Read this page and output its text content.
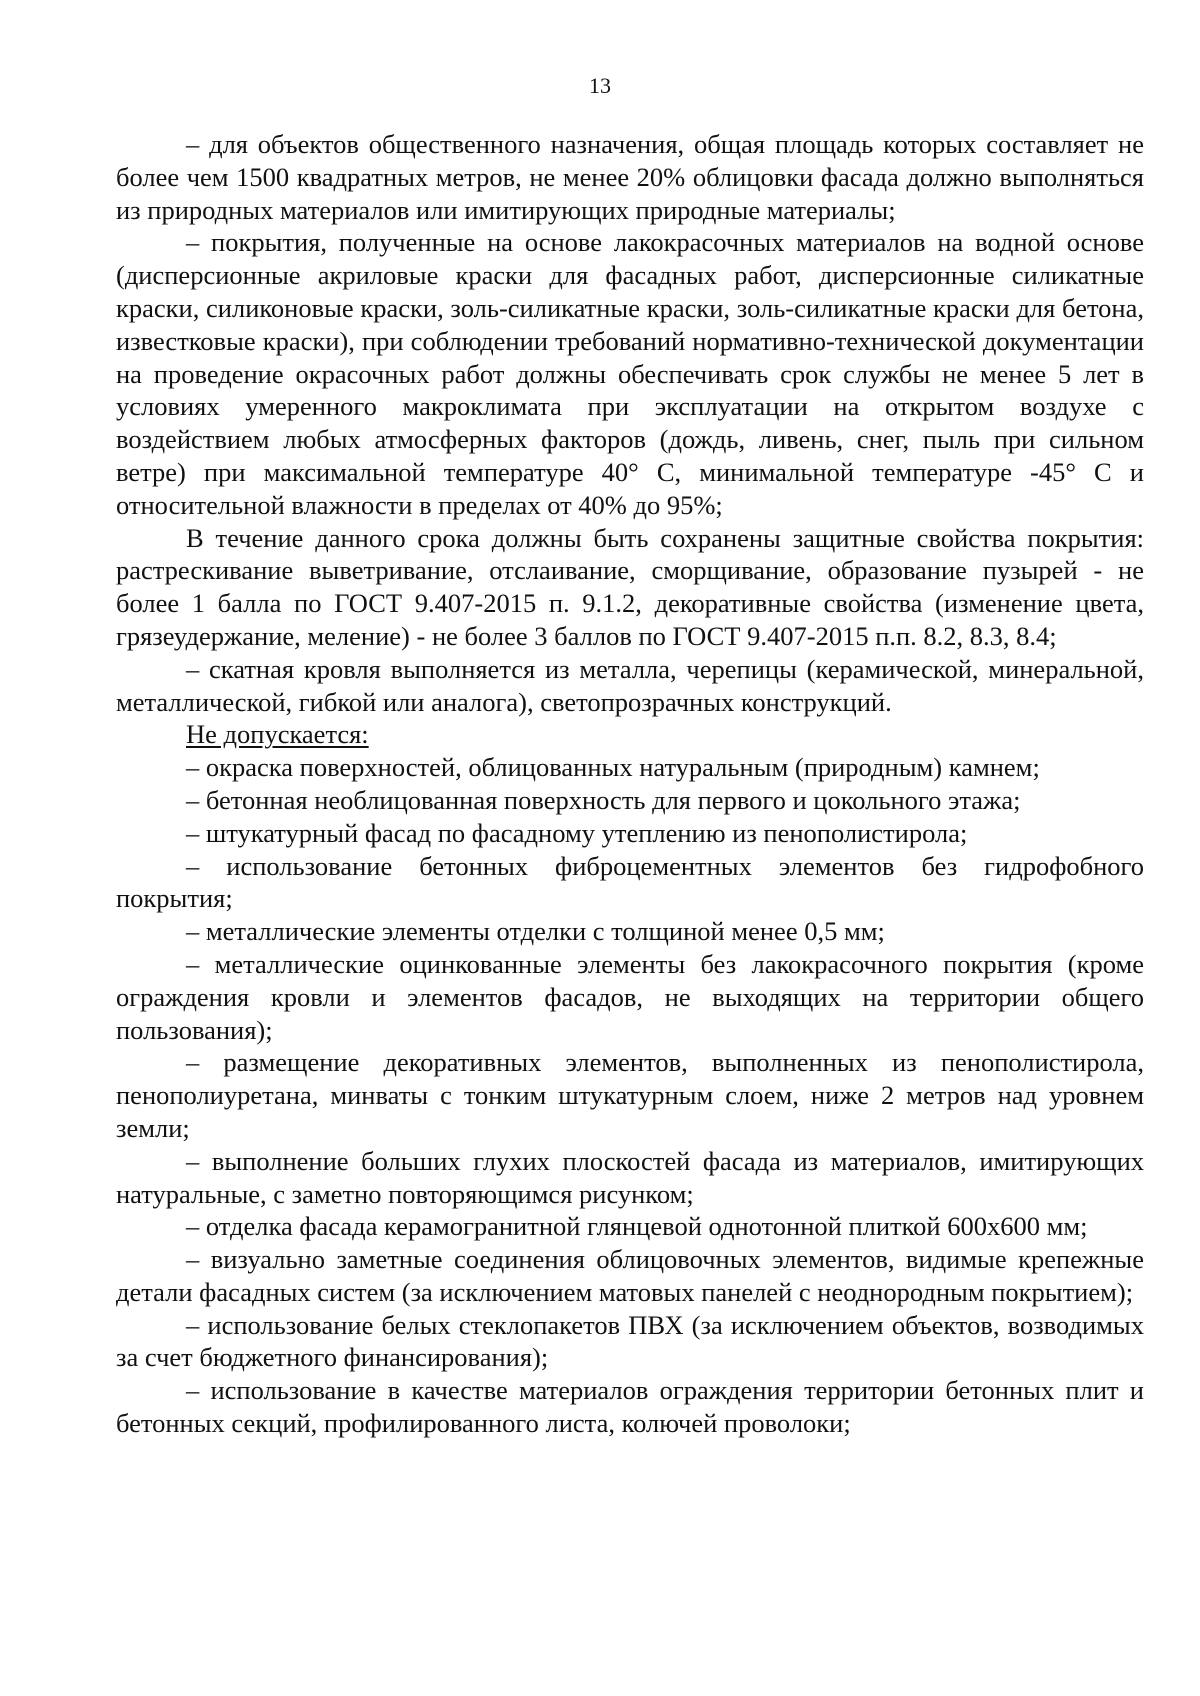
13

– для объектов общественного назначения, общая площадь которых составляет не более чем 1500 квадратных метров, не менее 20% облицовки фасада должно выполняться из природных материалов или имитирующих природные материалы;

– покрытия, полученные на основе лакокрасочных материалов на водной основе (дисперсионные акриловые краски для фасадных работ, дисперсионные силикатные краски, силиконовые краски, золь-силикатные краски, золь-силикатные краски для бетона, известковые краски), при соблюдении требований нормативно-технической документации на проведение окрасочных работ должны обеспечивать срок службы не менее 5 лет в условиях умеренного макроклимата при эксплуатации на открытом воздухе с воздействием любых атмосферных факторов (дождь, ливень, снег, пыль при сильном ветре) при максимальной температуре 40° С, минимальной температуре -45° С и относительной влажности в пределах от 40% до 95%;

В течение данного срока должны быть сохранены защитные свойства покрытия: растрескивание выветривание, отслаивание, сморщивание, образование пузырей - не более 1 балла по ГОСТ 9.407-2015 п. 9.1.2, декоративные свойства (изменение цвета, грязеудержание, меление) - не более 3 баллов по ГОСТ 9.407-2015 п.п. 8.2, 8.3, 8.4;

– скатная кровля выполняется из металла, черепицы (керамической, минеральной, металлической, гибкой или аналога), светопрозрачных конструкций.

Не допускается:

– окраска поверхностей, облицованных натуральным (природным) камнем;

– бетонная необлицованная поверхность для первого и цокольного этажа;

– штукатурный фасад по фасадному утеплению из пенополистирола;

– использование бетонных фиброцементных элементов без гидрофобного покрытия;

– металлические элементы отделки с толщиной менее 0,5 мм;

– металлические оцинкованные элементы без лакокрасочного покрытия (кроме ограждения кровли и элементов фасадов, не выходящих на территории общего пользования);

– размещение декоративных элементов, выполненных из пенополистирола, пенополиуретана, минваты с тонким штукатурным слоем, ниже 2 метров над уровнем земли;

– выполнение больших глухих плоскостей фасада из материалов, имитирующих натуральные, с заметно повторяющимся рисунком;

– отделка фасада керамогранитной глянцевой однотонной плиткой 600х600 мм;

– визуально заметные соединения облицовочных элементов, видимые крепежные детали фасадных систем (за исключением матовых панелей с неоднородным покрытием);

– использование белых стеклопакетов ПВХ (за исключением объектов, возводимых за счет бюджетного финансирования);

– использование в качестве материалов ограждения территории бетонных плит и бетонных секций, профилированного листа, колючей проволоки;
